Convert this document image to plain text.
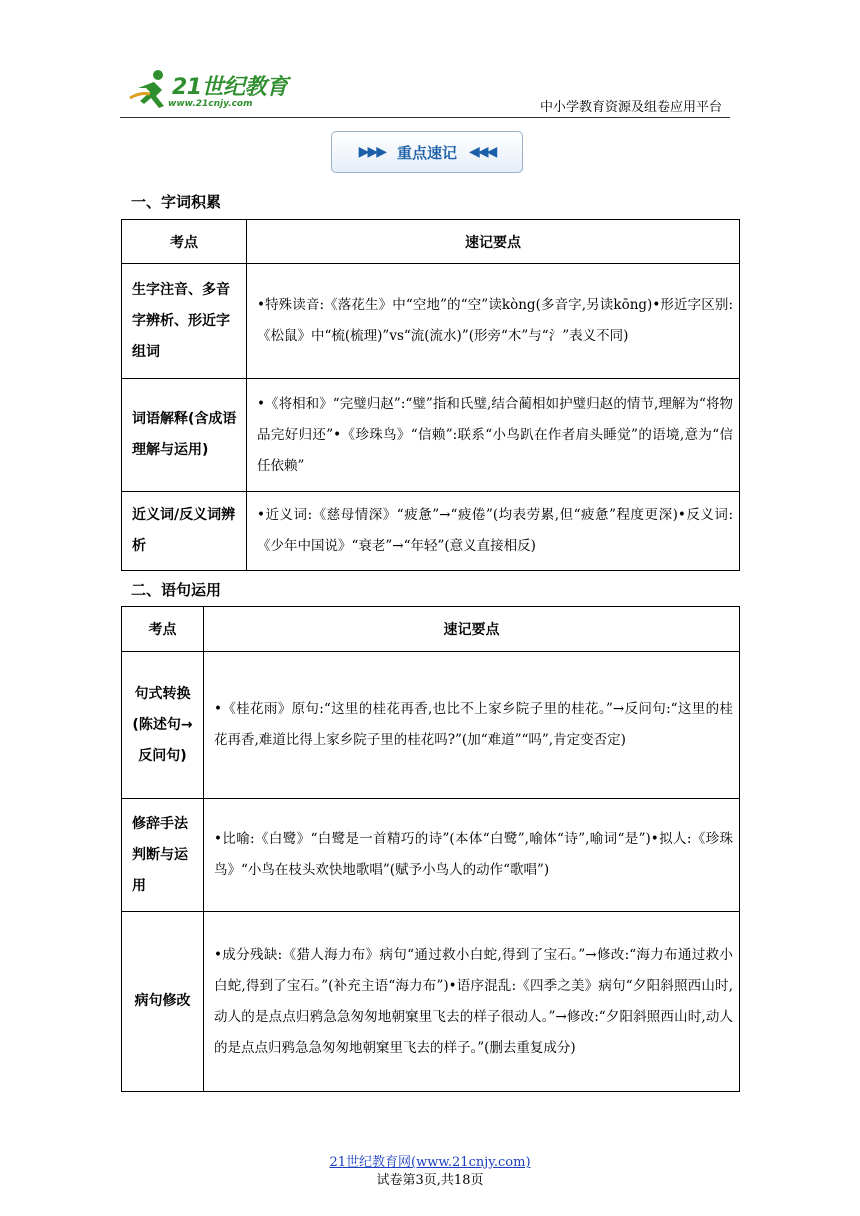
21世纪教育
www.21cnjy.com	中小学教育资源及组卷应用平台
▶▶▶ 重点速记 ◀◀◀
一、字词积累
考点	速记要点
生字注音、多音字辨析、形近字组词	•特殊读音:《落花生》中“空地”的“空”读kòng(多音字,另读kōng)•形近字区别:《松鼠》中“梳(梳理)”vs“流(流水)”(形旁“木”与“氵”表义不同)
词语解释(含成语理解与运用)	•《将相和》“完璧归赵”:“璧”指和氏璧,结合蔺相如护璧归赵的情节,理解为“将物品完好归还”•《珍珠鸟》“信赖”:联系“小鸟趴在作者肩头睡觉”的语境,意为“信任依赖”
近义词/反义词辨析	•近义词:《慈母情深》“疲惫”→“疲倦”(均表劳累,但“疲惫”程度更深)•反义词:《少年中国说》“衰老”→“年轻”(意义直接相反)
二、语句运用
考点	速记要点
句式转换(陈述句→反问句)	•《桂花雨》原句:“这里的桂花再香,也比不上家乡院子里的桂花。”→反问句:“这里的桂花再香,难道比得上家乡院子里的桂花吗?”(加“难道”“吗”,肯定变否定)
修辞手法判断与运用	•比喻:《白鹭》“白鹭是一首精巧的诗”(本体“白鹭”,喻体“诗”,喻词“是”)•拟人:《珍珠鸟》“小鸟在枝头欢快地歌唱”(赋予小鸟人的动作“歌唱”)
病句修改	•成分残缺:《猎人海力布》病句“通过救小白蛇,得到了宝石。”→修改:“海力布通过救小白蛇,得到了宝石。”(补充主语“海力布”)•语序混乱:《四季之美》病句“夕阳斜照西山时,动人的是点点归鸦急急匆匆地朝窠里飞去的样子很动人。”→修改:“夕阳斜照西山时,动人的是点点归鸦急急匆匆地朝窠里飞去的样子。”(删去重复成分)
21世纪教育网(www.21cnjy.com)
试卷第3页,共18页
